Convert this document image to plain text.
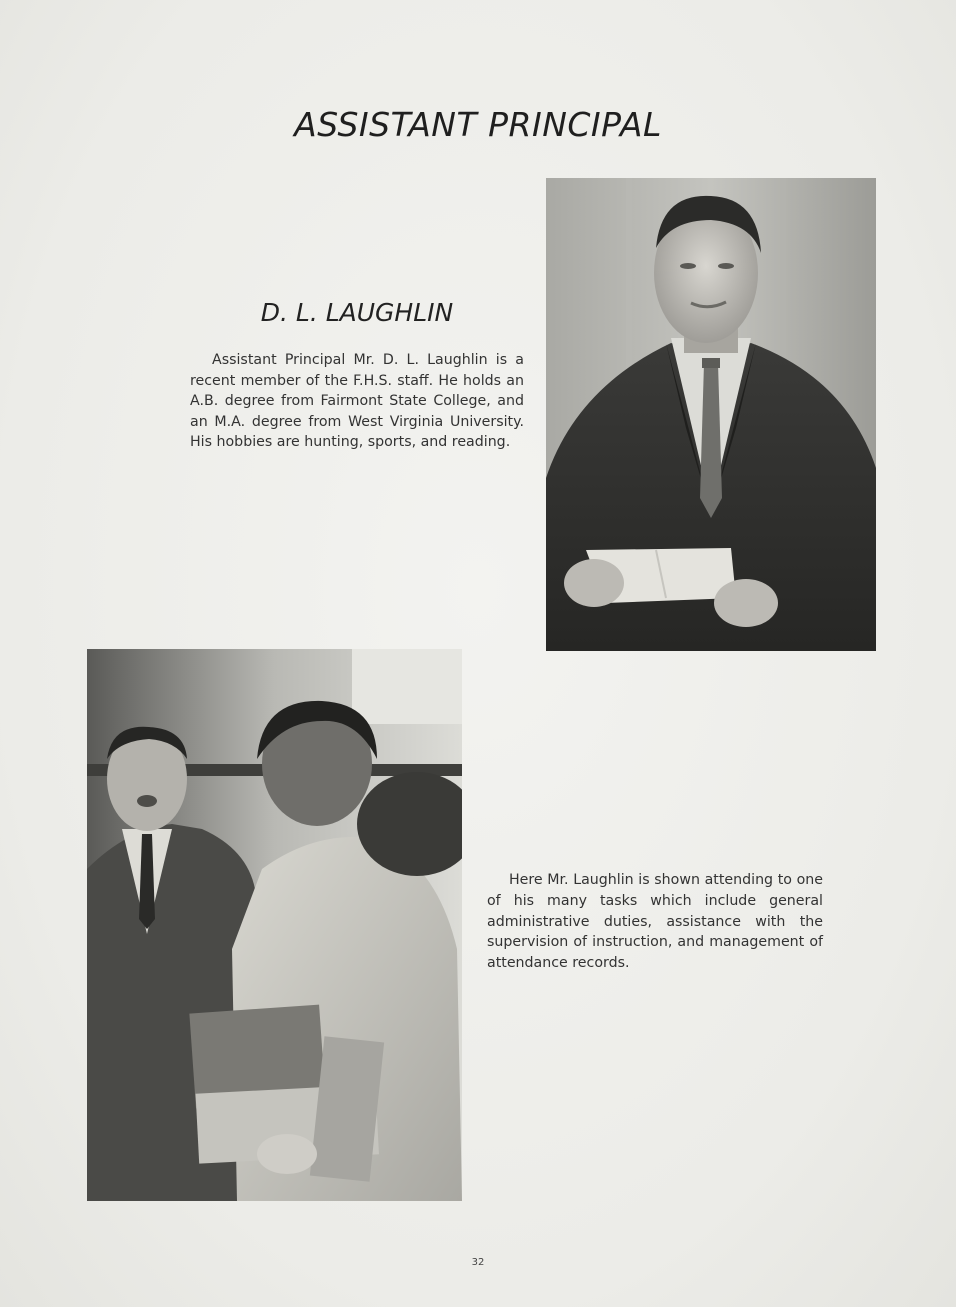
ASSISTANT PRINCIPAL
D. L. LAUGHLIN

Assistant Principal Mr. D. L. Laughlin is a recent member of the F.H.S. staff. He holds an A.B. degree from Fairmont State College, and an M.A. degree from West Virginia University. His hobbies are hunting, sports, and reading.

Here Mr. Laughlin is shown attending to one of his many tasks which include general administrative duties, assistance with the supervision of instruction, and management of attendance records.

32
